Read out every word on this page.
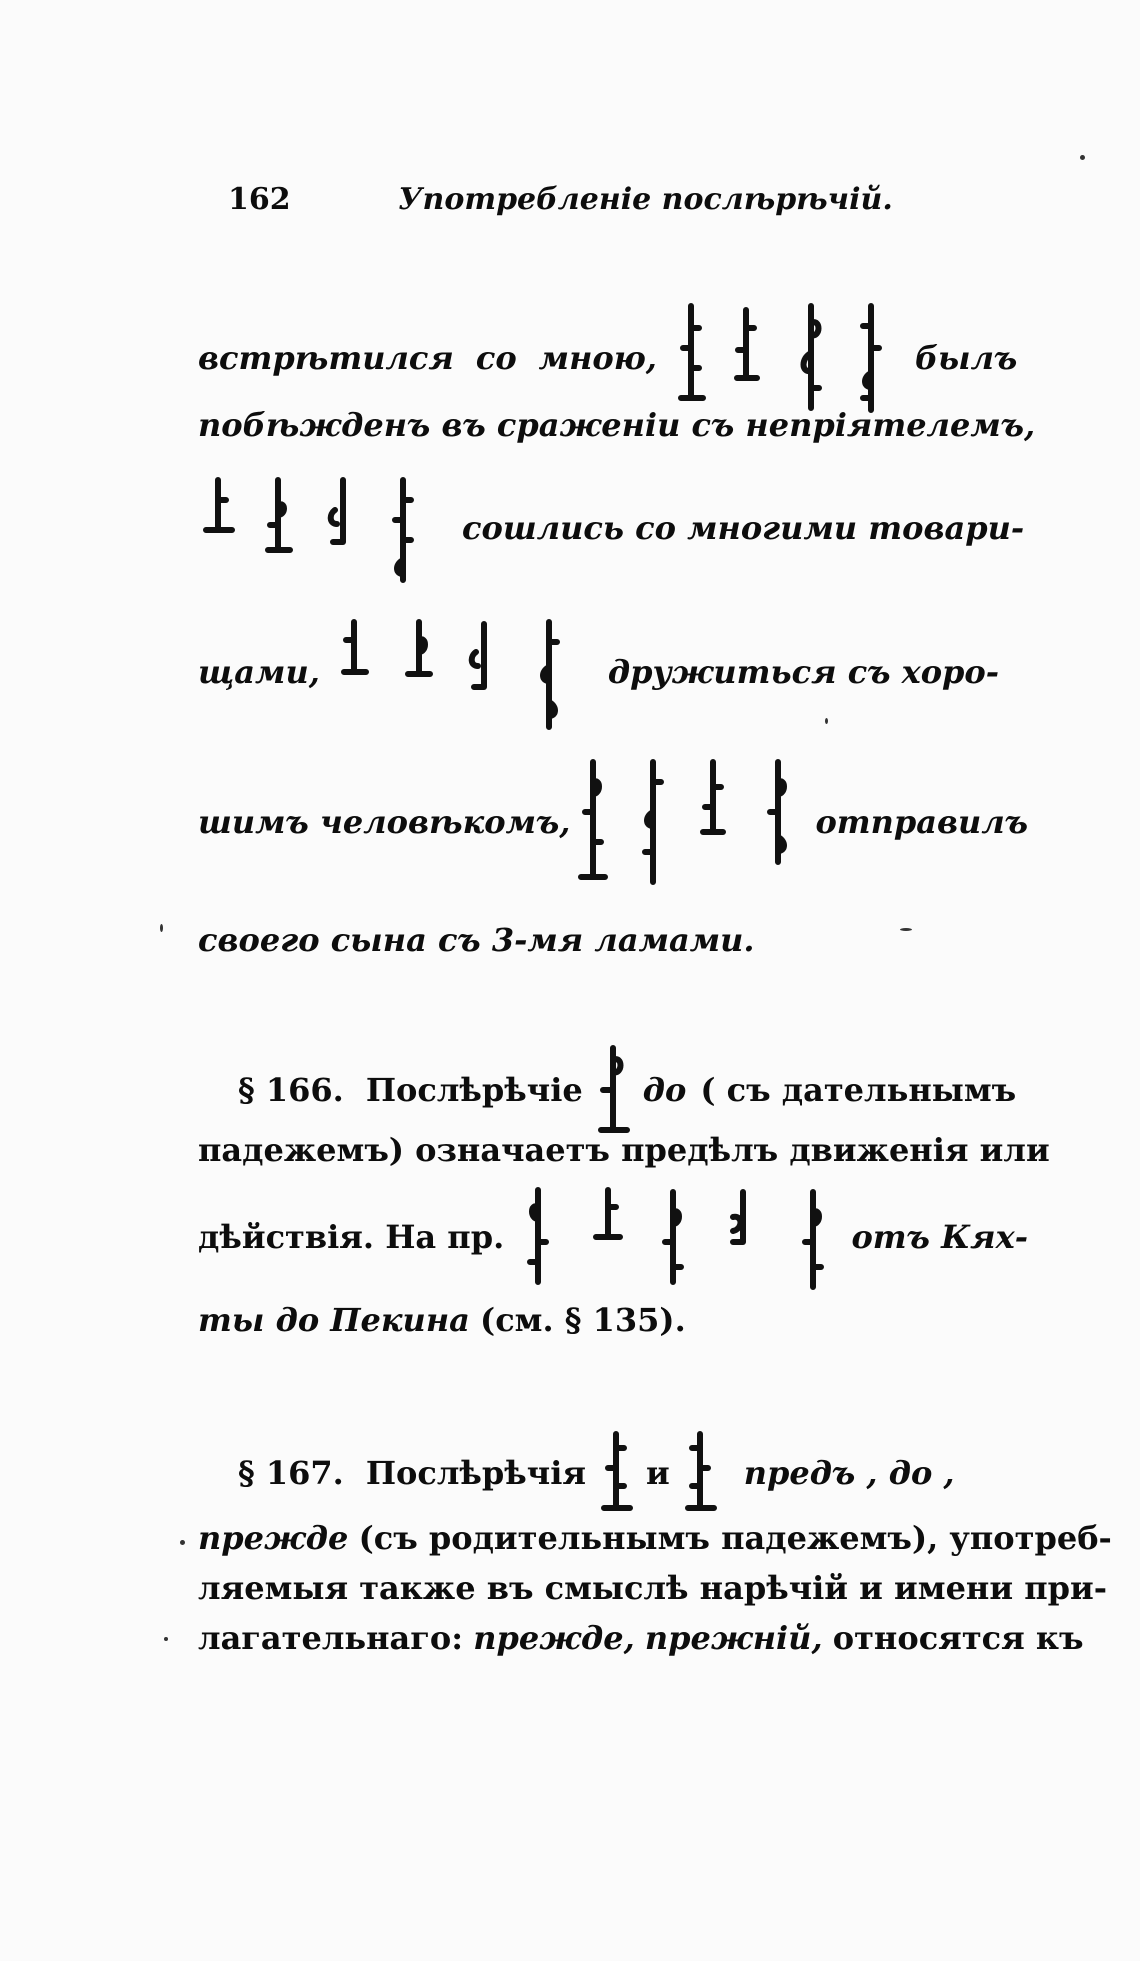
162	Употребленіе послѣрѣчій.
встрѣтился со мною,	былъ
побѣжденъ въ сраженіи съ непріятелемъ,
сошлись со многими товари-
щами,	дружиться съ хоро-
шимъ человѣкомъ,	отправилъ
своего сына съ 3-мя ламами.
§ 166. Послѣрѣчіе до ( съ дательнымъ
падежемъ) означаетъ предѣлъ движенія или
дѣйствія. На пр.	отъ Кях-
ты до Пекина (см. § 135).
§ 167. Послѣрѣчія и предъ , до ,
прежде (съ родительнымъ падежемъ), употреб-
ляемыя также въ смыслѣ нарѣчій и имени при-
лагательнаго: прежде, прежній, относятся къ
